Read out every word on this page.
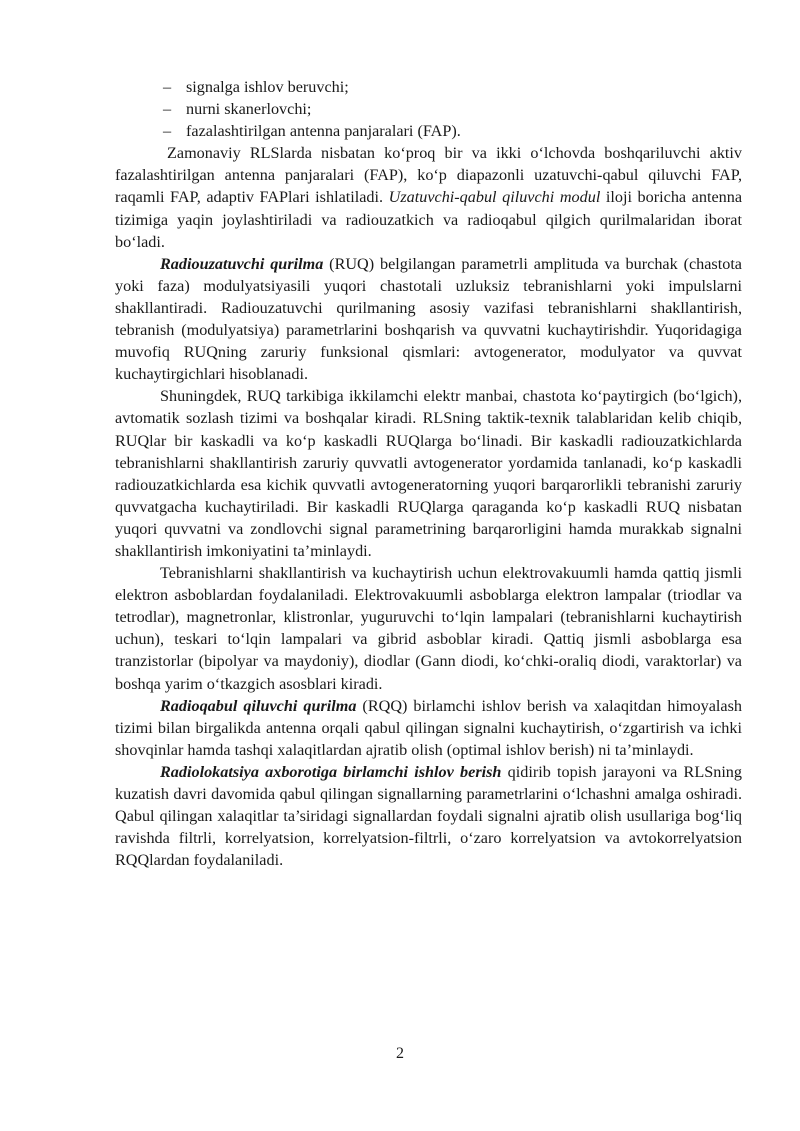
– signalga ishlov beruvchi;
– nurni skanerlovchi;
– fazalashtirilgan antenna panjaralari (FAP).

Zamonaviy RLSlarda nisbatan ko‘proq bir va ikki o‘lchovda boshqariluvchi aktiv fazalashtirilgan antenna panjaralari (FAP), ko‘p diapazonli uzatuvchi-qabul qiluvchi FAP, raqamli FAP, adaptiv FAPlari ishlatiladi. Uzatuvchi-qabul qiluvchi modul iloji boricha antenna tizimiga yaqin joylashtiriladi va radiouzatkich va radioqabul qilgich qurilmalaridan iborat bo‘ladi.

Radiouzatuvchi qurilma (RUQ) belgilangan parametrli amplituda va burchak (chastota yoki faza) modulyatsiyasili yuqori chastotali uzluksiz tebranishlarni yoki impulslarni shakllantiradi. Radiouzatuvchi qurilmaning asosiy vazifasi tebranishlarni shakllantirish, tebranish (modulyatsiya) parametrlarini boshqarish va quvvatni kuchaytirishdir. Yuqoridagiga muvofiq RUQning zaruriy funksional qismlari: avtogenerator, modulyator va quvvat kuchaytirgichlari hisoblanadi.

Shuningdek, RUQ tarkibiga ikkilamchi elektr manbai, chastota ko‘paytirgich (bo‘lgich), avtomatik sozlash tizimi va boshqalar kiradi. RLSning taktik-texnik talablaridan kelib chiqib, RUQlar bir kaskadli va ko‘p kaskadli RUQlarga bo‘linadi. Bir kaskadli radiouzatkichlarda tebranishlarni shakllantirish zaruriy quvvatli avtogenerator yordamida tanlanadi, ko‘p kaskadli radiouzatkichlarda esa kichik quvvatli avtogeneratorning yuqori barqarorlikli tebranishi zaruriy quvvatgacha kuchaytiriladi. Bir kaskadli RUQlarga qaraganda ko‘p kaskadli RUQ nisbatan yuqori quvvatni va zondlovchi signal parametrining barqarorligini hamda murakkab signalni shakllantirish imkoniyatini ta’minlaydi.

Tebranishlarni shakllantirish va kuchaytirish uchun elektrovakuumli hamda qattiq jismli elektron asboblardan foydalaniladi. Elektrovakuumli asboblarga elektron lampalar (triodlar va tetrodlar), magnetronlar, klistronlar, yuguruvchi to‘lqin lampalari (tebranishlarni kuchaytirish uchun), teskari to‘lqin lampalari va gibrid asboblar kiradi. Qattiq jismli asboblarga esa tranzistorlar (bipolyar va maydoniy), diodlar (Gann diodi, ko‘chki-oraliq diodi, varaktorlar) va boshqa yarim o‘tkazgich asosblari kiradi.

Radioqabul qiluvchi qurilma (RQQ) birlamchi ishlov berish va xalaqitdan himoyalash tizimi bilan birgalikda antenna orqali qabul qilingan signalni kuchaytirish, o‘zgartirish va ichki shovqinlar hamda tashqi xalaqitlardan ajratib olish (optimal ishlov berish) ni ta’minlaydi.

Radiolokatsiya axborotiga birlamchi ishlov berish qidirib topish jarayoni va RLSning kuzatish davri davomida qabul qilingan signallarning parametrlarini o‘lchashni amalga oshiradi. Qabul qilingan xalaqitlar ta’siridagi signallardan foydali signalni ajratib olish usullariga bog‘liq ravishda filtrli, korrelyatsion, korrelyatsion-filtrli, o‘zaro korrelyatsion va avtokorrelyatsion RQQlardan foydalaniladi.

2
